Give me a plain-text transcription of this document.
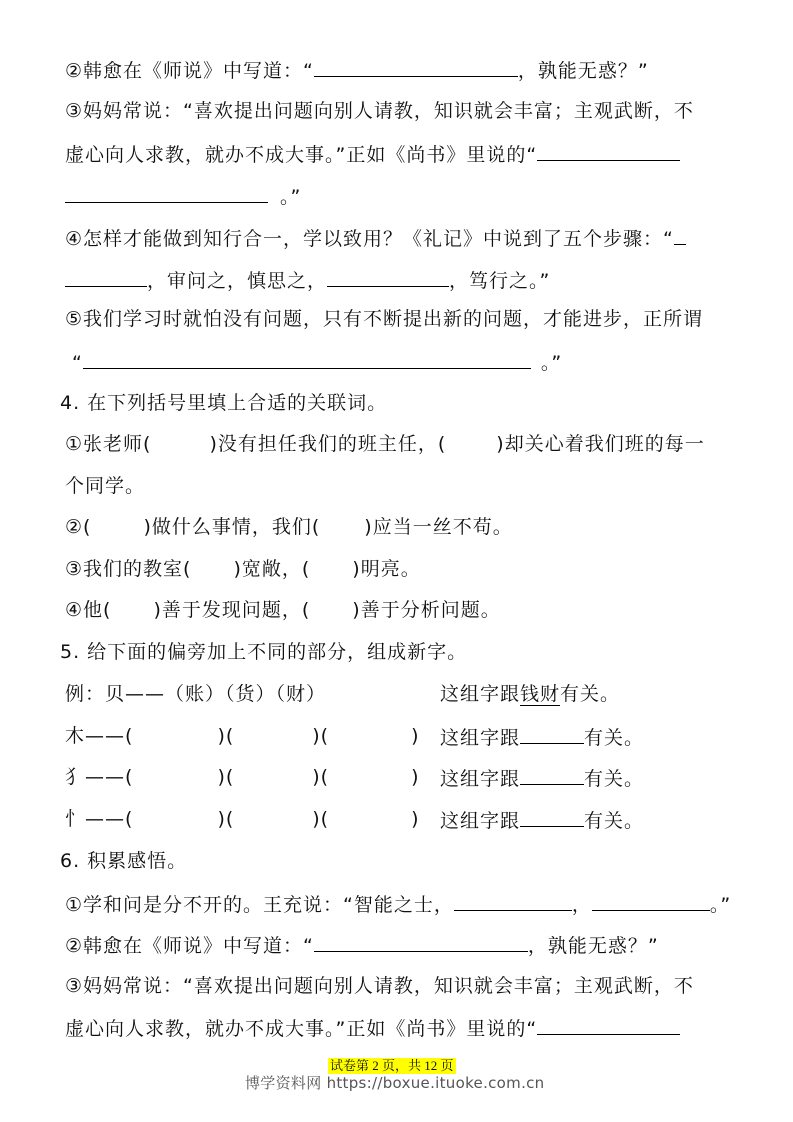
②韩愈在《师说》中写道：“	，孰能无惑？”
③妈妈常说：“喜欢提出问题向别人请教，知识就会丰富；主观武断，不
虚心向人求教，就办不成大事。”正如《尚书》里说的“
。”
④怎样才能做到知行合一，学以致用？《礼记》中说到了五个步骤：“
，审问之，慎思之，	，笃行之。”
⑤我们学习时就怕没有问题，只有不断提出新的问题，才能进步，正所谓
“	。”
4. 在下列括号里填上合适的关联词。
①张老师(	)没有担任我们的班主任，(	)却关心着我们班的每一
个同学。
②(	)做什么事情，我们( )应当一丝不苟。
③我们的教室( )宽敞，( )明亮。
④他( )善于发现问题，( )善于分析问题。
5. 给下面的偏旁加上不同的部分，组成新字。
例：贝——（账）（货）（财）	这组字跟钱财有关。
木——(	)(	)(	) 这组字跟	有关。
犭——(	)(	)(	) 这组字跟	有关。
忄——(	)(	)(	) 这组字跟	有关。
6. 积累感悟。
①学和问是分不开的。王充说：“智能之士，	，	。”
②韩愈在《师说》中写道：“	，孰能无惑？”
③妈妈常说：“喜欢提出问题向别人请教，知识就会丰富；主观武断，不
虚心向人求教，就办不成大事。”正如《尚书》里说的“
试卷第 2 页，共 12 页
博学资料网 https://boxue.ituoke.com.cn
